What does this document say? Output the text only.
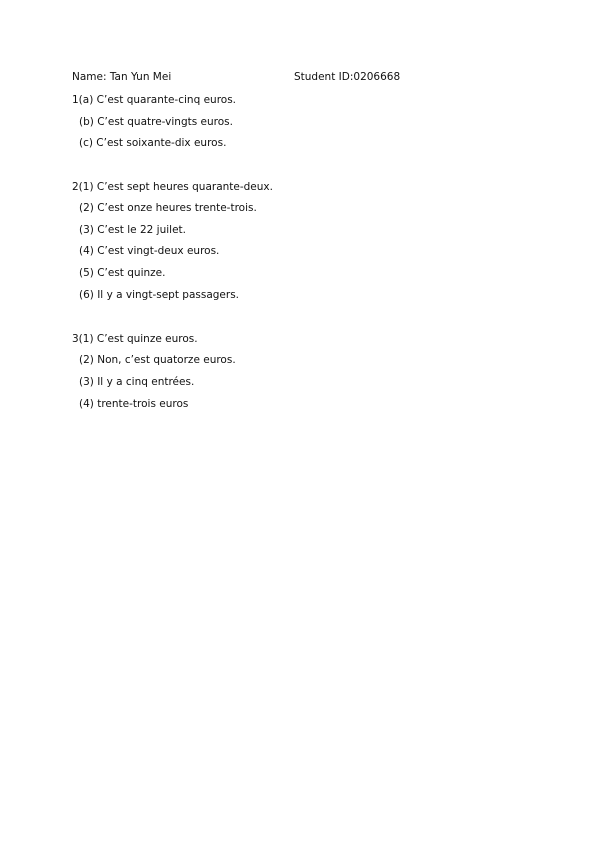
Name: Tan Yun Mei	Student ID:0206668
1(a) C’est quarante-cinq euros.
(b) C’est quatre-vingts euros.
(c) C’est soixante-dix euros.
2(1) C’est sept heures quarante-deux.
(2) C’est onze heures trente-trois.
(3) C’est le 22 juilet.
(4) C’est vingt-deux euros.
(5) C’est quinze.
(6) Il y a vingt-sept passagers.
3(1) C’est quinze euros.
(2) Non, c’est quatorze euros.
(3) Il y a cinq entrées.
(4) trente-trois euros
